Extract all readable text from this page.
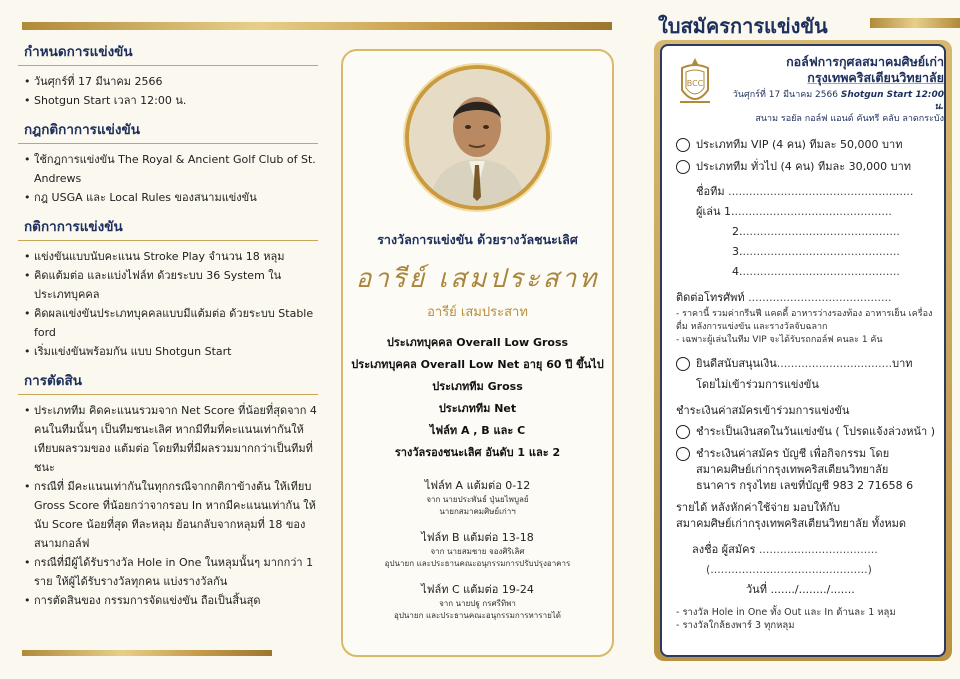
กำหนดการแข่งขัน
• วันศุกร์ที่ 17 มีนาคม 2566
• Shotgun Start เวลา 12:00 น.
กฎกติกาการแข่งขัน
• ใช้กฎการแข่งขัน The Royal & Ancient Golf Club of St. Andrews
• กฎ USGA และ Local Rules ของสนามแข่งขัน
กติกาการแข่งขัน
• แข่งขันแบบนับคะแนน Stroke Play จำนวน 18 หลุม
• คิดแต้มต่อ และแบ่งไฟล์ท ด้วยระบบ 36 System ในประเภทบุคคล
• คิดผลแข่งขันประเภทบุคคลแบบมีแต้มต่อ ด้วยระบบ Stable ford
• เริ่มแข่งขันพร้อมกัน แบบ Shotgun Start
การตัดสิน
• ประเภททีม คิดคะแนนรวมจาก Net Score ที่น้อยที่สุดจาก 4 คนในทีมนั้นๆ เป็นทีมชนะเลิศ หากมีทีมที่คะแนนเท่ากันให้เทียบผลรวมของ แต้มต่อ โดยทีมที่มีผลรวมมากกว่าเป็นทีมที่ชนะ
• กรณีที่ มีคะแนนเท่ากันในทุกกรณีจากกติกาข้างต้น ให้เทียบ Gross Score ที่น้อยกว่าจากรอบ In หากมีคะแนนเท่ากัน ให้นับ Score น้อยที่สุด ทีละหลุม ย้อนกลับจากหลุมที่ 18 ของสนามกอล์ฟ
• กรณีที่มีผู้ได้รับรางวัล Hole in One ในหลุมนั้นๆ มากกว่า 1 ราย ให้ผู้ได้รับรางวัลทุกคน แบ่งรางวัลกัน
• การตัดสินของ กรรมการจัดแข่งขัน ถือเป็นสิ้นสุด
รางวัลการแข่งขัน ด้วยรางวัลชนะเลิศ
อารีย์ เสมประสาท
อารีย์ เสมประสาท
ประเภทบุคคล Overall Low Gross
ประเภทบุคคล Overall Low Net อายุ 60 ปี ขึ้นไป
ประเภททีม Gross
ประเภททีม Net
ไฟล์ท A , B และ C
รางวัลรองชนะเลิศ อันดับ 1 และ 2
ไฟล์ท A แต้มต่อ 0-12
จาก นายประพันธ์ ปุ่นยไพบูลย์
นายกสมาคมศิษย์เก่าฯ
ไฟล์ท B แต้มต่อ 13-18
จาก นายสมชาย จองศิริเลิศ
อุปนายก และประธานคณะอนุกรรมการปรับปรุงอาคาร
ไฟล์ท C แต้มต่อ 19-24
จาก นายปฐู กรศรีทิพา
อุปนายก และประธานคณะอนุกรรมการหารายได้
ใบสมัครการแข่งขัน
BCC
กอล์ฟการกุศลสมาคมศิษย์เก่า
กรุงเทพคริสเตียนวิทยาลัย
วันศุกร์ที่ 17 มีนาคม 2566 Shotgun Start 12:00 น.
สนาม รอยัล กอล์ฟ แอนด์ คันทรี คลับ ลาดกระบัง
ประเภททีม VIP (4 คน) ทีมละ 50,000 บาท
ประเภททีม ทั่วไป (4 คน) ทีมละ 30,000 บาท
ชื่อทีม .....................................................
ผู้เล่น 1..............................................
2..............................................
3..............................................
4..............................................
ติดต่อโทรศัพท์ .........................................
- ราคานี้ รวมค่ากรีนฟี แคดดี้ อาหารว่างรองท้อง อาหารเย็น เครื่องดื่ม หลังการแข่งขัน และรางวัลจับฉลาก
- เฉพาะผู้เล่นในทีม VIP จะได้รับรถกอล์ฟ คนละ 1 คัน
ยินดีสนับสนุนเงิน.................................บาท
โดยไม่เข้าร่วมการแข่งขัน
ชำระเงินค่าสมัครเข้าร่วมการแข่งขัน
ชำระเป็นเงินสดในวันแข่งขัน ( โปรดแจ้งล่วงหน้า )
ชำระเงินค่าสมัคร บัญชี เพื่อกิจกรรม โดย
สมาคมศิษย์เก่ากรุงเทพคริสเตียนวิทยาลัย
ธนาคาร กรุงไทย เลขที่บัญชี 983 2 71658 6
รายได้ หลังหักค่าใช้จ่าย มอบให้กับ
สมาคมศิษย์เก่ากรุงเทพคริสเตียนวิทยาลัย ทั้งหมด
ลงชื่อ ผู้สมัคร ..................................
(.............................................)
วันที่ ......./......../.......
- รางวัล Hole in One ทั้ง Out และ In ด้านละ 1 หลุม
- รางวัลใกล้ธงพาร์ 3 ทุกหลุม
